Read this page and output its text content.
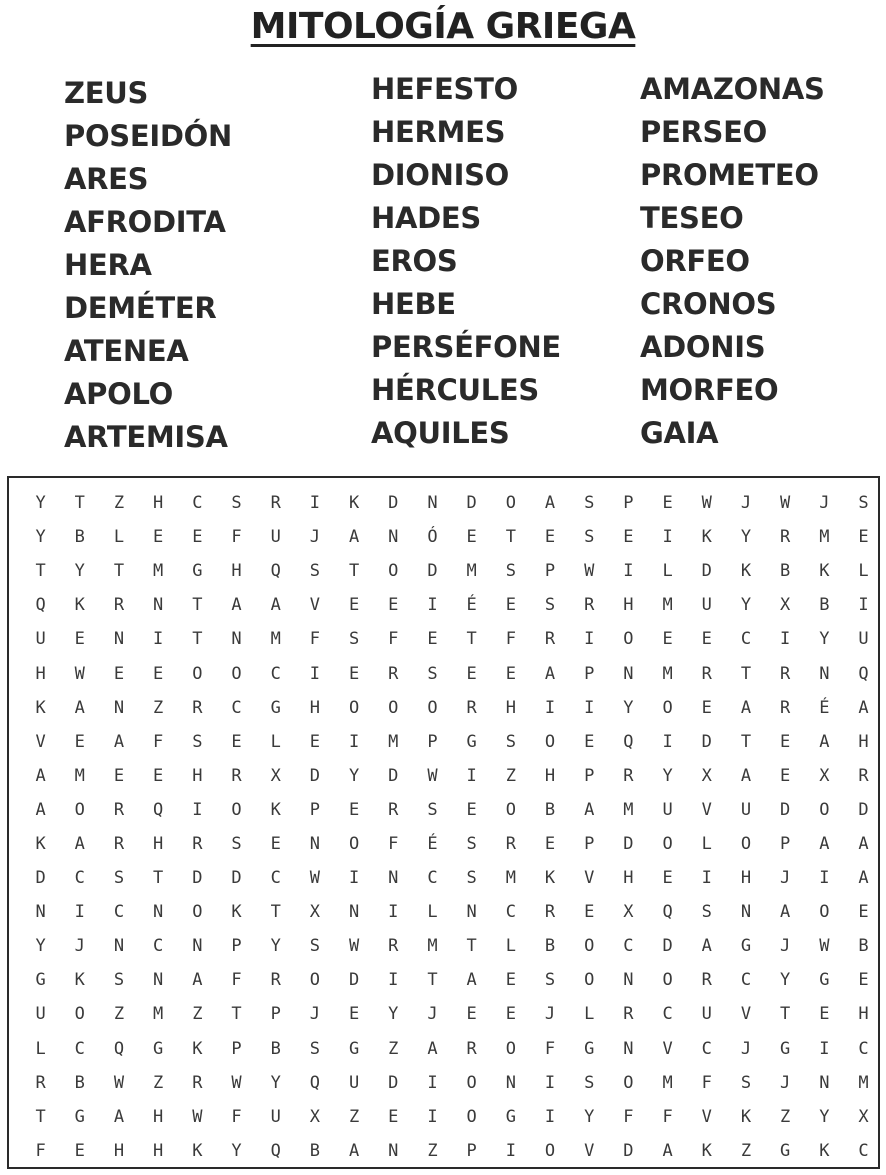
MITOLOGÍA GRIEGA
ZEUS
POSEIDÓN
ARES
AFRODITA
HERA
DEMÉTER
ATENEA
APOLO
ARTEMISA
HEFESTO
HERMES
DIONISO
HADES
EROS
HEBE
PERSÉFONE
HÉRCULES
AQUILES
AMAZONAS
PERSEO
PROMETEO
TESEO
ORFEO
CRONOS
ADONIS
MORFEO
GAIA
Y	T	Z	H	C	S	R	I	K	D	N	D	O	A	S	P	E	W	J	W	J	S
Y	B	L	E	E	F	U	J	A	N	Ó	E	T	E	S	E	I	K	Y	R	M	E
T	Y	T	M	G	H	Q	S	T	O	D	M	S	P	W	I	L	D	K	B	K	L
Q	K	R	N	T	A	A	V	E	E	I	É	E	S	R	H	M	U	Y	X	B	I
U	E	N	I	T	N	M	F	S	F	E	T	F	R	I	O	E	E	C	I	Y	U
H	W	E	E	O	O	C	I	E	R	S	E	E	A	P	N	M	R	T	R	N	Q
K	A	N	Z	R	C	G	H	O	O	O	R	H	I	I	Y	O	E	A	R	É	A
V	E	A	F	S	E	L	E	I	M	P	G	S	O	E	Q	I	D	T	E	A	H
A	M	E	E	H	R	X	D	Y	D	W	I	Z	H	P	R	Y	X	A	E	X	R
A	O	R	Q	I	O	K	P	E	R	S	E	O	B	A	M	U	V	U	D	O	D
K	A	R	H	R	S	E	N	O	F	É	S	R	E	P	D	O	L	O	P	A	A
D	C	S	T	D	D	C	W	I	N	C	S	M	K	V	H	E	I	H	J	I	A
N	I	C	N	O	K	T	X	N	I	L	N	C	R	E	X	Q	S	N	A	O	E
Y	J	N	C	N	P	Y	S	W	R	M	T	L	B	O	C	D	A	G	J	W	B
G	K	S	N	A	F	R	O	D	I	T	A	E	S	O	N	O	R	C	Y	G	E
U	O	Z	M	Z	T	P	J	E	Y	J	E	E	J	L	R	C	U	V	T	E	H
L	C	Q	G	K	P	B	S	G	Z	A	R	O	F	G	N	V	C	J	G	I	C
R	B	W	Z	R	W	Y	Q	U	D	I	O	N	I	S	O	M	F	S	J	N	M
T	G	A	H	W	F	U	X	Z	E	I	O	G	I	Y	F	F	V	K	Z	Y	X
F	E	H	H	K	Y	Q	B	A	N	Z	P	I	O	V	D	A	K	Z	G	K	C
